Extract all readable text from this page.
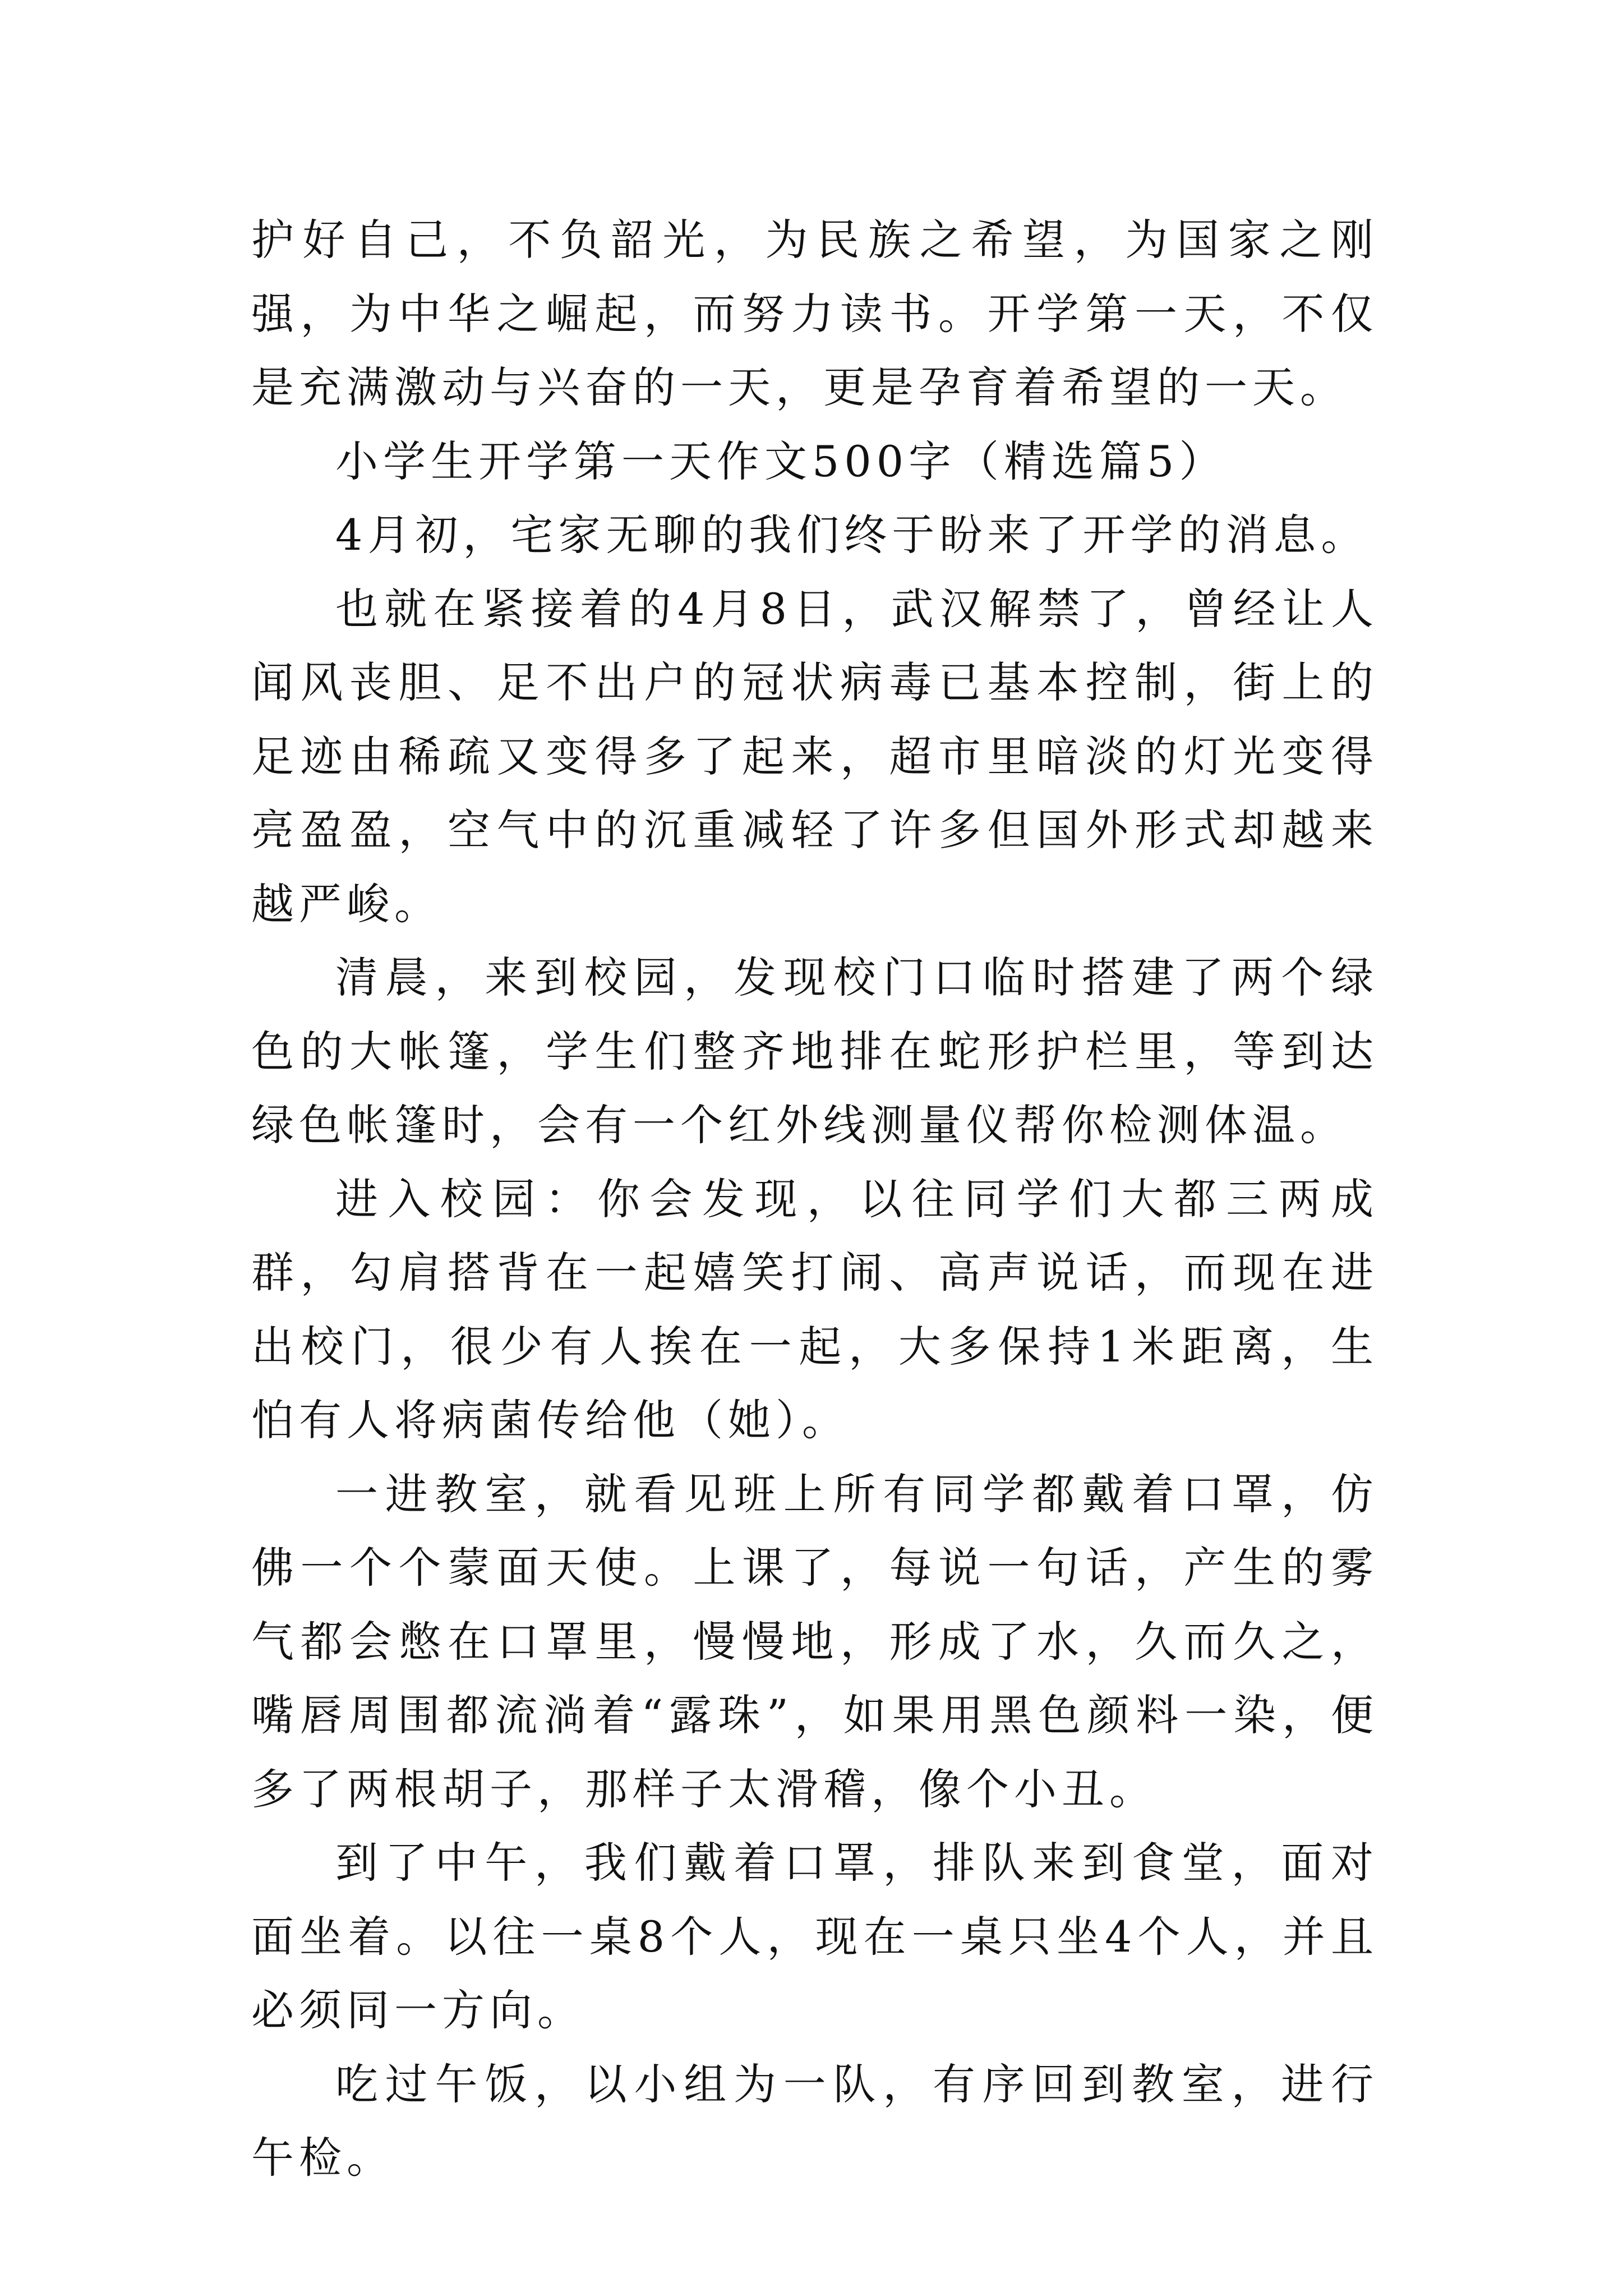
护好自己，不负韶光，为民族之希望，为国家之刚强，为中华之崛起，而努力读书。开学第一天，不仅是充满激动与兴奋的一天，更是孕育着希望的一天。

小学生开学第一天作文500字（精选篇5）

4月初，宅家无聊的我们终于盼来了开学的消息。

也就在紧接着的4月8日，武汉解禁了，曾经让人闻风丧胆、足不出户的冠状病毒已基本控制，街上的足迹由稀疏又变得多了起来，超市里暗淡的灯光变得亮盈盈，空气中的沉重减轻了许多但国外形式却越来越严峻。

清晨，来到校园，发现校门口临时搭建了两个绿色的大帐篷，学生们整齐地排在蛇形护栏里，等到达绿色帐篷时，会有一个红外线测量仪帮你检测体温。

进入校园：你会发现，以往同学们大都三两成群，勾肩搭背在一起嬉笑打闹、高声说话，而现在进出校门，很少有人挨在一起，大多保持1米距离，生怕有人将病菌传给他（她）。

一进教室，就看见班上所有同学都戴着口罩，仿佛一个个蒙面天使。上课了，每说一句话，产生的雾气都会憋在口罩里，慢慢地，形成了水，久而久之，嘴唇周围都流淌着“露珠”，如果用黑色颜料一染，便多了两根胡子，那样子太滑稽，像个小丑。

到了中午，我们戴着口罩，排队来到食堂，面对面坐着。以往一桌8个人，现在一桌只坐4个人，并且必须同一方向。

吃过午饭，以小组为一队，有序回到教室，进行午检。
